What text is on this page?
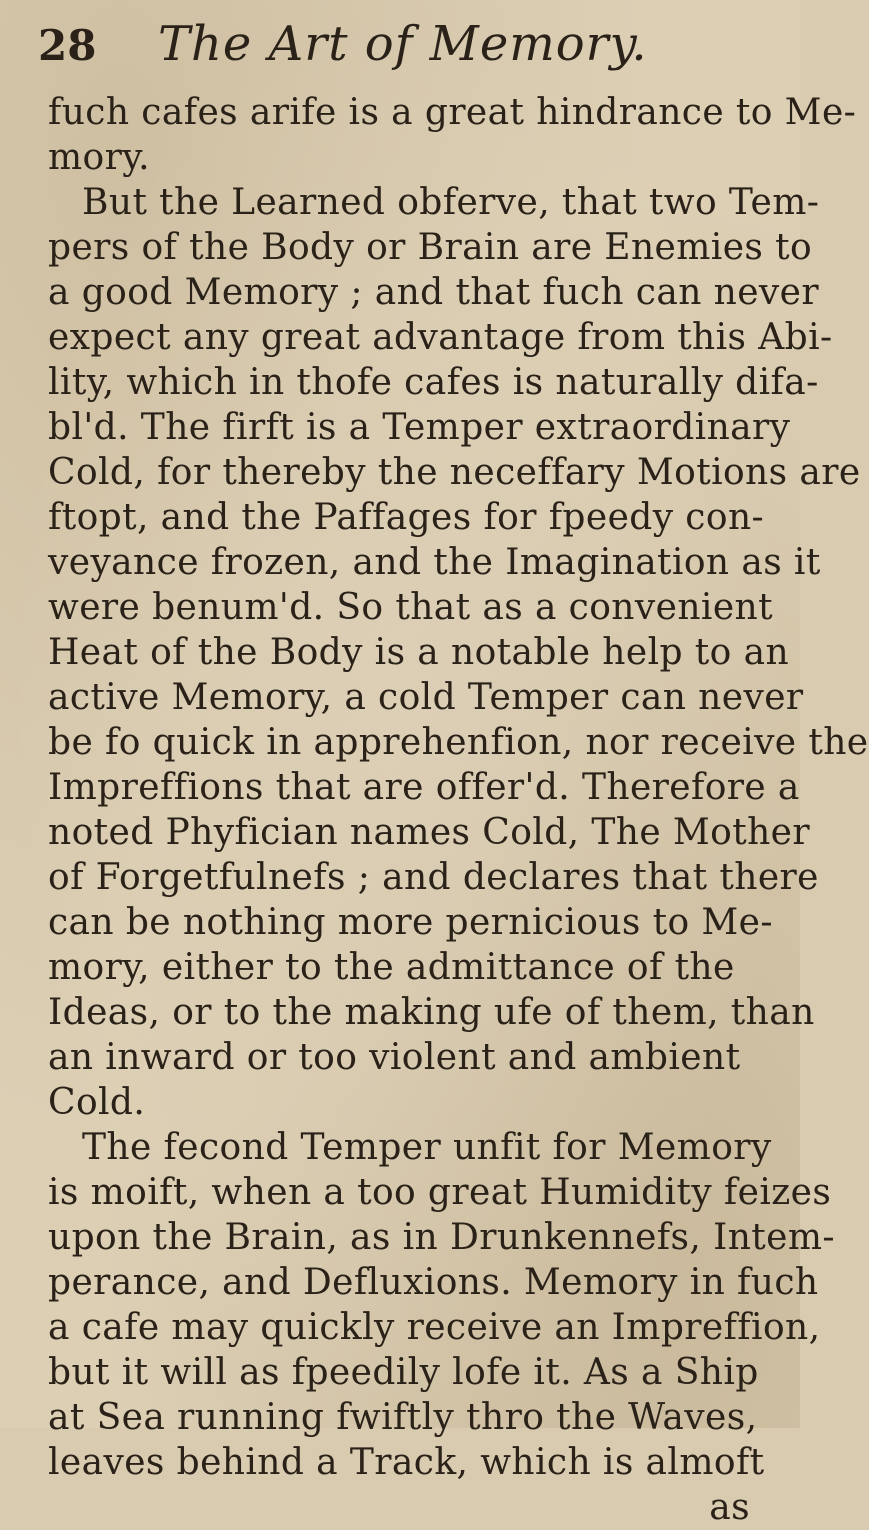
28	The Art of Memory.
fuch cafes arife is a great hindrance to Me-
mory.
But the Learned obferve, that two Tem-
pers of the Body or Brain are Enemies to
a good Memory ; and that fuch can never
expect any great advantage from this Abi-
lity, which in thofe cafes is naturally difa-
bl'd. The firft is a Temper extraordinary
Cold, for thereby the neceffary Motions are
ftopt, and the Paffages for fpeedy con-
veyance frozen, and the Imagination as it
were benum'd. So that as a convenient
Heat of the Body is a notable help to an
active Memory, a cold Temper can never
be fo quick in apprehenfion, nor receive the
Impreffions that are offer'd. Therefore a
noted Phyfician names Cold, The Mother
of Forgetfulnefs ; and declares that there
can be nothing more pernicious to Me-
mory, either to the admittance of the
Ideas, or to the making ufe of them, than
an inward or too violent and ambient
Cold.
The fecond Temper unfit for Memory
is moift, when a too great Humidity feizes
upon the Brain, as in Drunkennefs, Intem-
perance, and Defluxions. Memory in fuch
a cafe may quickly receive an Impreffion,
but it will as fpeedily lofe it. As a Ship
at Sea running fwiftly thro the Waves,
leaves behind a Track, which is almoft
as
